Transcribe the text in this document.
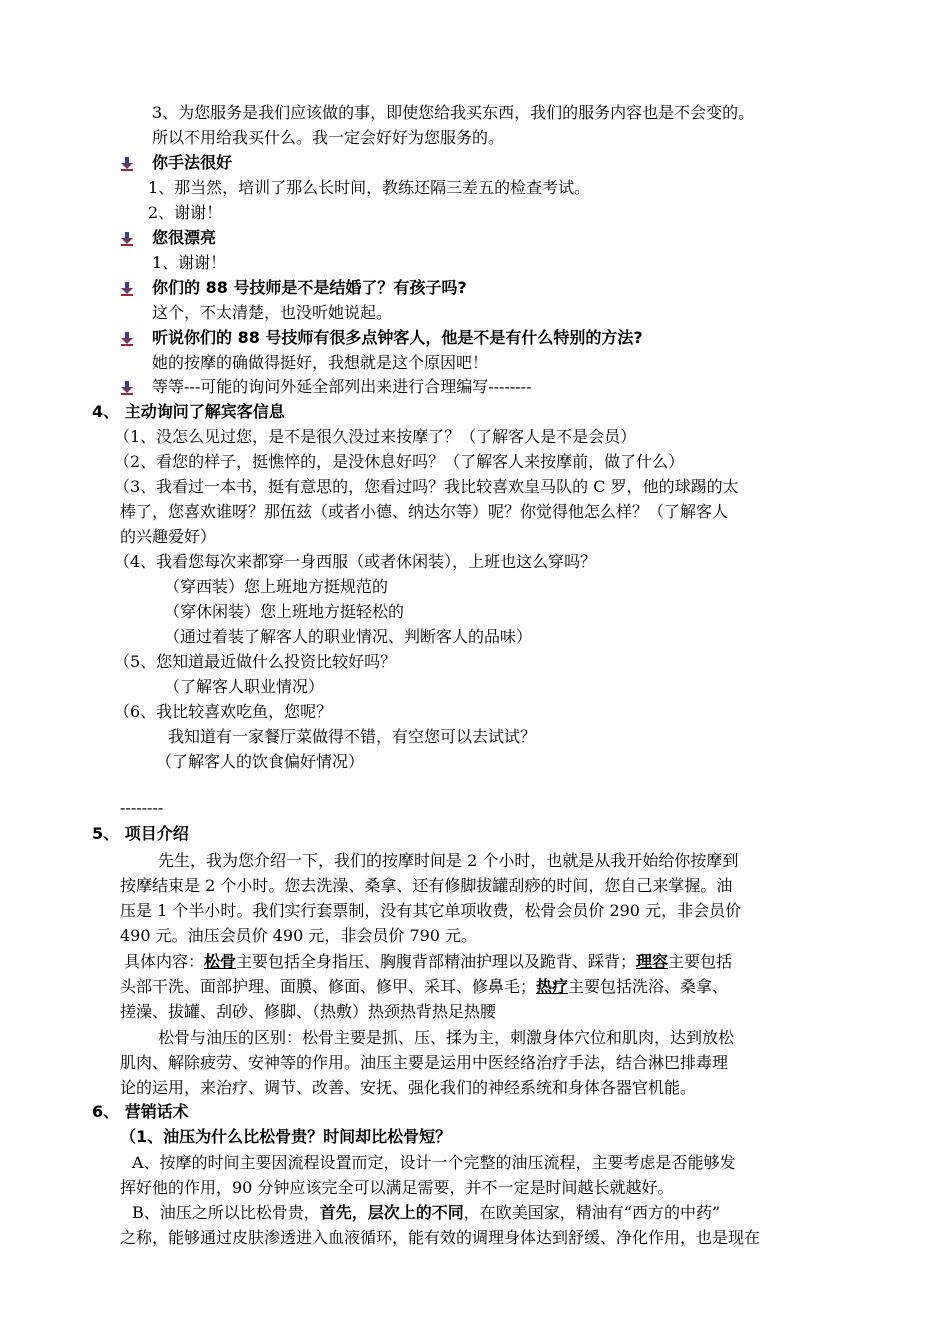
3、为您服务是我们应该做的事，即使您给我买东西，我们的服务内容也是不会变的。
所以不用给我买什么。我一定会好好为您服务的。
你手法很好
1、那当然，培训了那么长时间，教练还隔三差五的检查考试。
2、谢谢！
您很漂亮
1、谢谢！
你们的 88 号技师是不是结婚了？有孩子吗?
这个，不太清楚，也没听她说起。
听说你们的 88 号技师有很多点钟客人，他是不是有什么特别的方法?
她的按摩的确做得挺好，我想就是这个原因吧！
等等---可能的询问外延全部列出来进行合理编写--------
4、 主动询问了解宾客信息
（1、没怎么见过您，是不是很久没过来按摩了？（了解客人是不是会员）
（2、看您的样子，挺憔悴的，是没休息好吗？（了解客人来按摩前，做了什么）
（3、我看过一本书，挺有意思的，您看过吗？我比较喜欢皇马队的 C 罗，他的球踢的太
棒了，您喜欢谁呀？那伍兹（或者小德、纳达尔等）呢？你觉得他怎么样？（了解客人
的兴趣爱好）
（4、我看您每次来都穿一身西服（或者休闲装），上班也这么穿吗？
（穿西装）您上班地方挺规范的
（穿休闲装）您上班地方挺轻松的
（通过着装了解客人的职业情况、判断客人的品味）
（5、您知道最近做什么投资比较好吗？
（了解客人职业情况）
（6、我比较喜欢吃鱼，您呢？
我知道有一家餐厅菜做得不错，有空您可以去试试？
（了解客人的饮食偏好情况）
--------
5、 项目介绍
先生，我为您介绍一下，我们的按摩时间是 2 个小时，也就是从我开始给你按摩到
按摩结束是 2 个小时。您去洗澡、桑拿、还有修脚拔罐刮痧的时间，您自己来掌握。油
压是 1 个半小时。我们实行套票制，没有其它单项收费，松骨会员价 290 元，非会员价
490 元。油压会员价 490 元，非会员价 790 元。
具体内容：松骨主要包括全身指压、胸腹背部精油护理以及跪背、踩背；理容主要包括
头部干洗、面部护理、面膜、修面、修甲、采耳、修鼻毛；热疗主要包括洗浴、桑拿、
搓澡、拔罐、刮砂、修脚、（热敷）热颈热背热足热腰
松骨与油压的区别：松骨主要是抓、压、揉为主，刺激身体穴位和肌肉，达到放松
肌肉、解除疲劳、安神等的作用。油压主要是运用中医经络治疗手法，结合淋巴排毒理
论的运用，来治疗、调节、改善、安抚、强化我们的神经系统和身体各器官机能。
6、 营销话术
（1、油压为什么比松骨贵？时间却比松骨短？
A、按摩的时间主要因流程设置而定，设计一个完整的油压流程，主要考虑是否能够发
挥好他的作用，90 分钟应该完全可以满足需要，并不一定是时间越长就越好。
B、油压之所以比松骨贵，首先，层次上的不同，在欧美国家，精油有“西方的中药”
之称，能够通过皮肤渗透进入血液循环，能有效的调理身体达到舒缓、净化作用，也是现在
